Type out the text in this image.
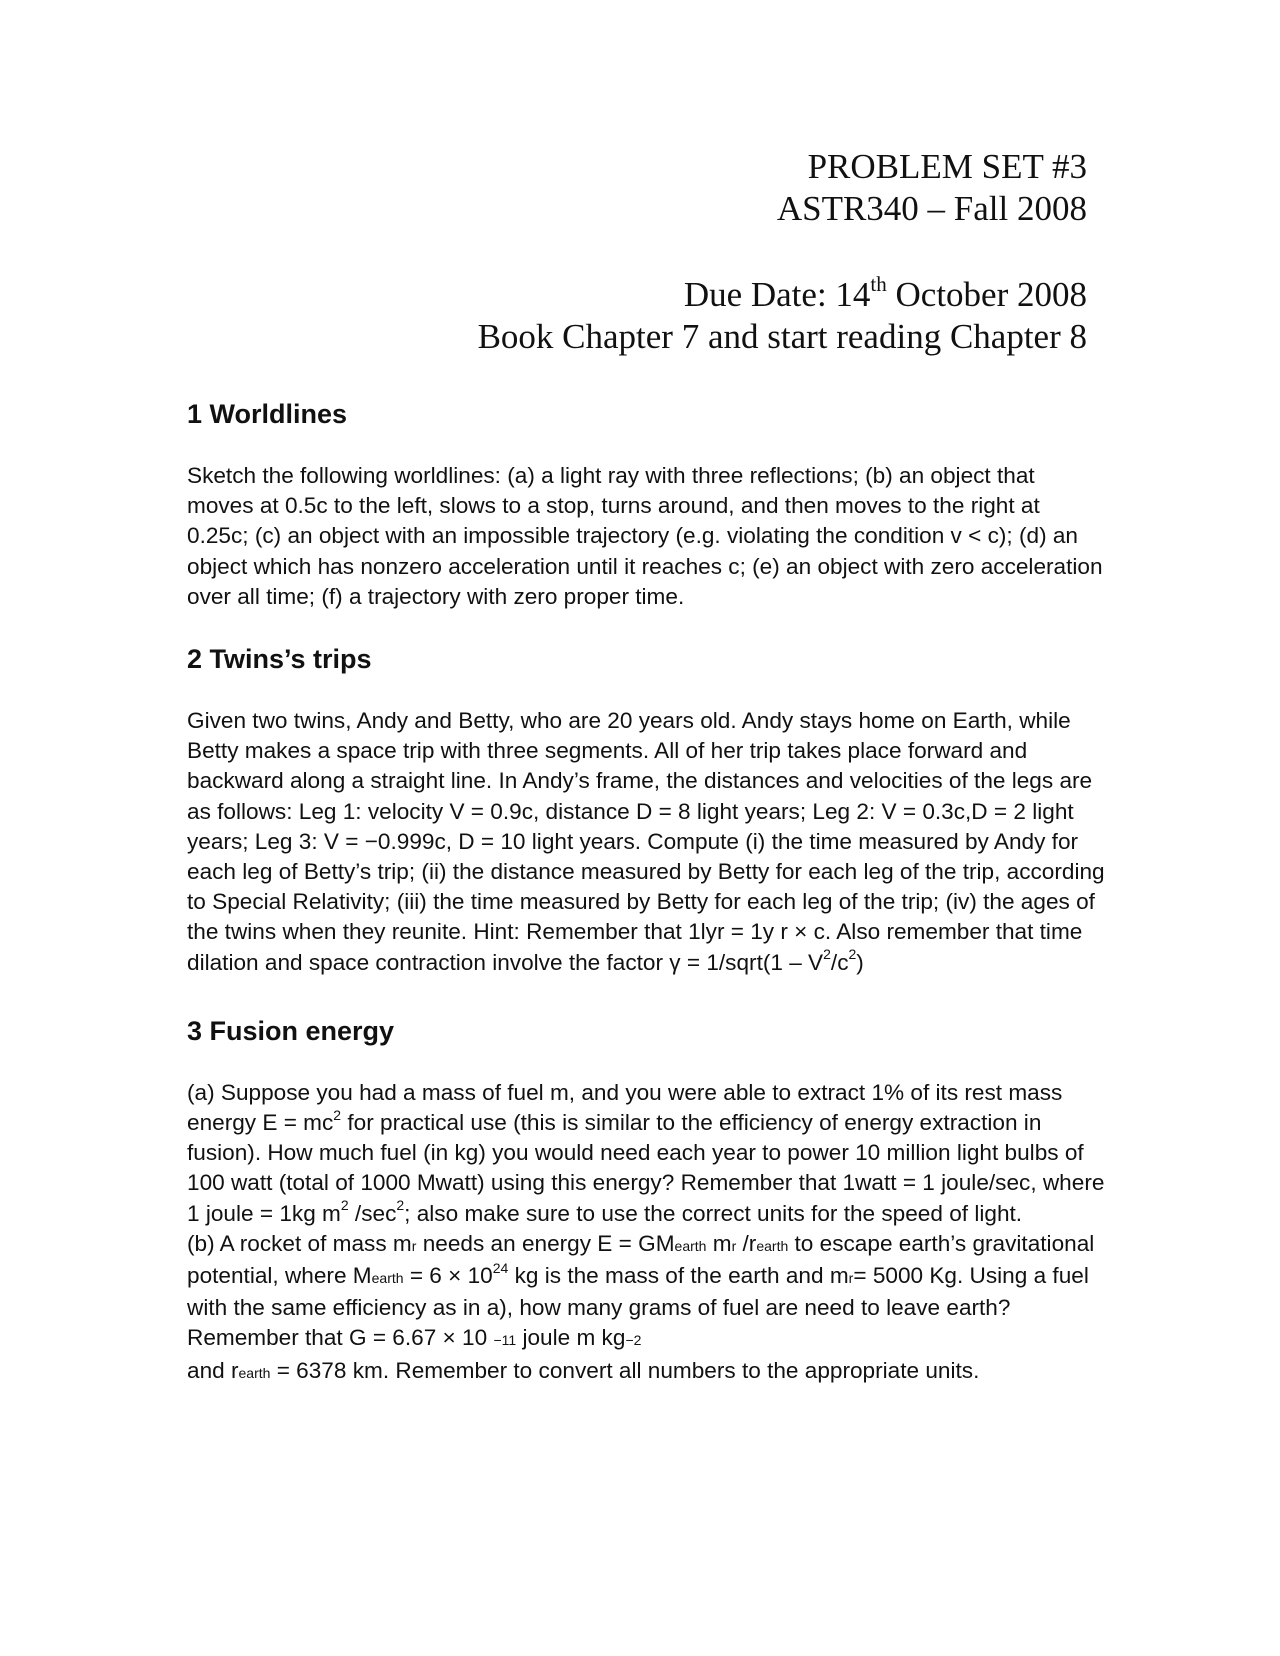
PROBLEM SET #3
ASTR340 – Fall 2008
Due Date: 14th October 2008
Book Chapter 7 and start reading Chapter 8
1 Worldlines

Sketch the following worldlines: (a) a light ray with three reflections; (b) an object that moves at 0.5c to the left, slows to a stop, turns around, and then moves to the right at 0.25c; (c) an object with an impossible trajectory (e.g. violating the condition v < c); (d) an object which has nonzero acceleration until it reaches c; (e) an object with zero acceleration over all time; (f) a trajectory with zero proper time.

2 Twins’s trips

Given two twins, Andy and Betty, who are 20 years old. Andy stays home on Earth, while Betty makes a space trip with three segments. All of her trip takes place forward and backward along a straight line. In Andy’s frame, the distances and velocities of the legs are as follows: Leg 1: velocity V = 0.9c, distance D = 8 light years; Leg 2: V = 0.3c,D = 2 light years; Leg 3: V = −0.999c, D = 10 light years. Compute (i) the time measured by Andy for each leg of Betty’s trip; (ii) the distance measured by Betty for each leg of the trip, according to Special Relativity; (iii) the time measured by Betty for each leg of the trip; (iv) the ages of the twins when they reunite. Hint: Remember that 1lyr = 1y r × c. Also remember that time dilation and space contraction involve the factor γ = 1/sqrt(1 – $V^2/c^2$)

3 Fusion energy

(a) Suppose you had a mass of fuel m, and you were able to extract 1% of its rest mass energy $E = mc^2$ for practical use (this is similar to the efficiency of energy extraction in fusion). How much fuel (in kg) you would need each year to power 10 million light bulbs of 100 watt (total of 1000 Mwatt) using this energy? Remember that 1watt = 1 joule/sec, where 1 joule = 1kg $m^2$ $/\sec^2$; also make sure to use the correct units for the speed of light.

(b) A rocket of mass mr needs an energy E = GMearth mr /rearth to escape earth’s gravitational potential, where Mearth = $6 \times 10^{24}$ kg is the mass of the earth and mr= 5000 Kg. Using a fuel with the same efficiency as in a), how many grams of fuel are need to leave earth? Remember that G = 6.67 × 10 −11 joule m kg−2
and rearth = 6378 km. Remember to convert all numbers to the appropriate units.
